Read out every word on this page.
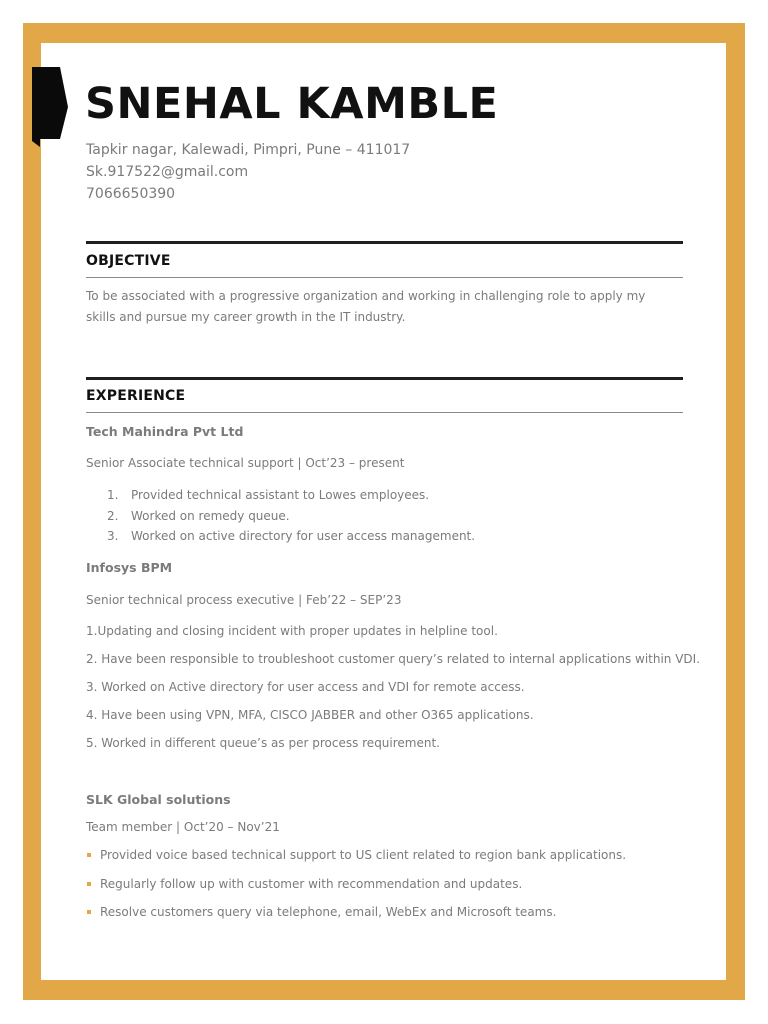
SNEHAL KAMBLE
Tapkir nagar, Kalewadi, Pimpri, Pune – 411017
Sk.917522@gmail.com
7066650390
OBJECTIVE
To be associated with a progressive organization and working in challenging role to apply my skills and pursue my career growth in the IT industry.
EXPERIENCE
Tech Mahindra Pvt Ltd
Senior Associate technical support | Oct’23 – present
1. Provided technical assistant to Lowes employees.
2. Worked on remedy queue.
3. Worked on active directory for user access management.
Infosys BPM
Senior technical process executive | Feb’22 – SEP’23
1.Updating and closing incident with proper updates in helpline tool.
2. Have been responsible to troubleshoot customer query’s related to internal applications within VDI.
3. Worked on Active directory for user access and VDI for remote access.
4. Have been using VPN, MFA, CISCO JABBER and other O365 applications.
5. Worked in different queue’s as per process requirement.
SLK Global solutions
Team member | Oct’20 – Nov’21
Provided voice based technical support to US client related to region bank applications.
Regularly follow up with customer with recommendation and updates.
Resolve customers query via telephone, email, WebEx and Microsoft teams.
